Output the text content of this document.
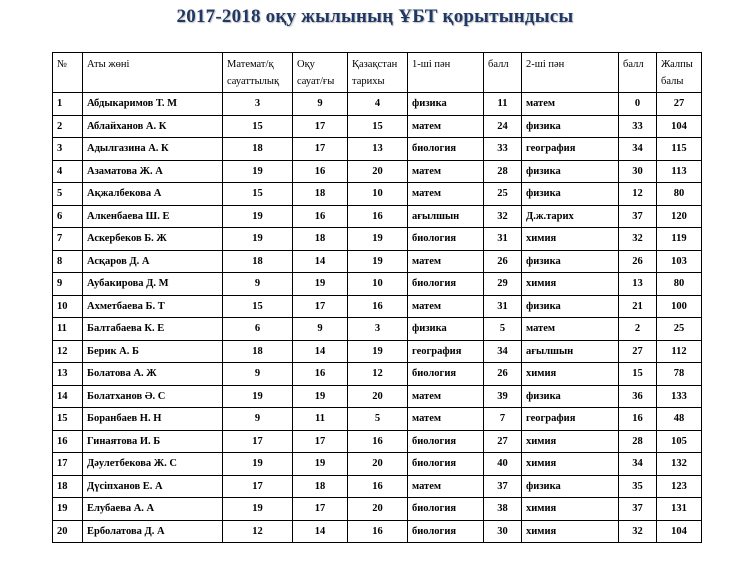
2017-2018 оқу жылының ҰБТ қорытындысы
№	Аты жөні	Математ/қ сауаттылық	Оқу сауат/ғы	Қазақстан тарихы	1-ші пән	балл	2-ші пән	балл	Жалпы балы
1	Абдыкаримов Т. М	3	9	4	физика	11	матем	0	27
2	Аблайханов А. К	15	17	15	матем	24	физика	33	104
3	Адылгазина А. К	18	17	13	биология	33	география	34	115
4	Азаматова Ж. А	19	16	20	матем	28	физика	30	113
5	Ақжалбекова А	15	18	10	матем	25	физика	12	80
6	Алкенбаева Ш. Е	19	16	16	ағылшын	32	Д.ж.тарих	37	120
7	Аскербеков Б. Ж	19	18	19	биология	31	химия	32	119
8	Асқаров Д. А	18	14	19	матем	26	физика	26	103
9	Аубакирова Д. М	9	19	10	биология	29	химия	13	80
10	Ахметбаева Б. Т	15	17	16	матем	31	физика	21	100
11	Балтабаева К. Е	6	9	3	физика	5	матем	2	25
12	Берик А. Б	18	14	19	география	34	ағылшын	27	112
13	Болатова А. Ж	9	16	12	биология	26	химия	15	78
14	Болатханов Ә. С	19	19	20	матем	39	физика	36	133
15	Боранбаев Н. Н	9	11	5	матем	7	география	16	48
16	Гинаятова И. Б	17	17	16	биология	27	химия	28	105
17	Дәулетбекова Ж. С	19	19	20	биология	40	химия	34	132
18	Дүсіпханов Е. А	17	18	16	матем	37	физика	35	123
19	Елубаева А. А	19	17	20	биология	38	химия	37	131
20	Ерболатова Д. А	12	14	16	биология	30	химия	32	104
